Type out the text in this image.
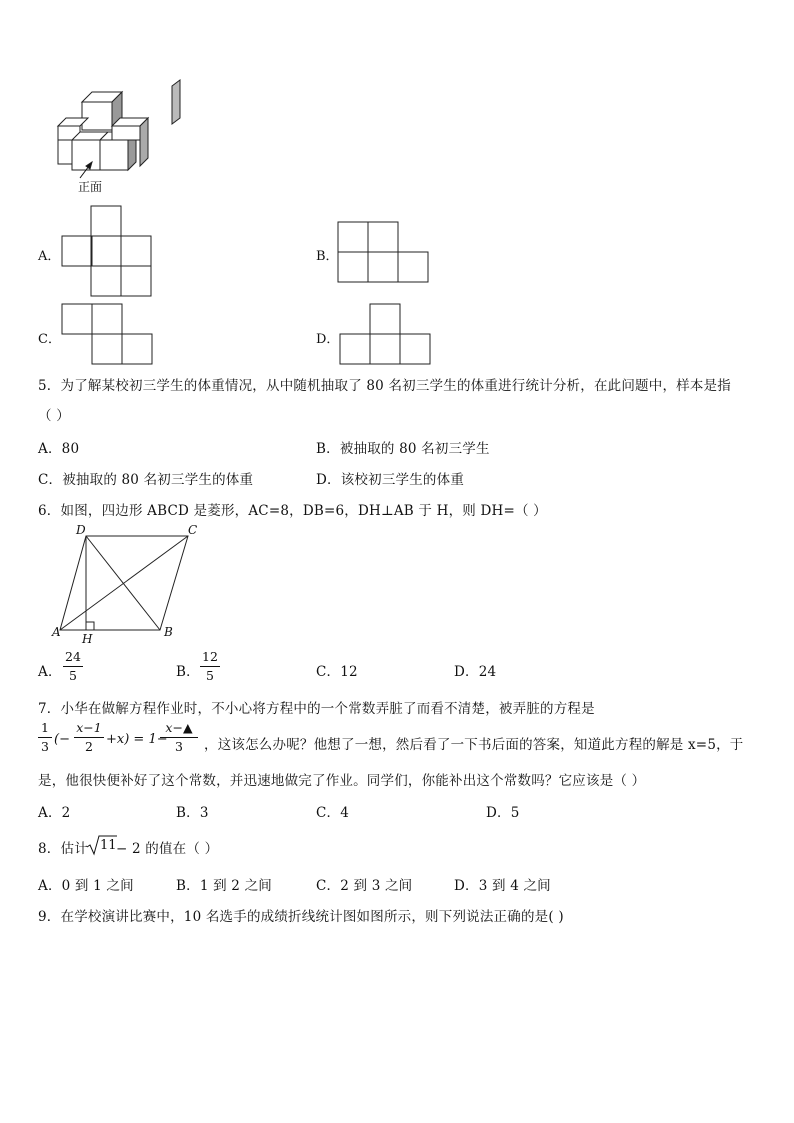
正面
A．	B．
C．	D．
5．为了解某校初三学生的体重情况，从中随机抽取了 80 名初三学生的体重进行统计分析，在此问题中，样本是指
（ ）
A．80	B．被抽取的 80 名初三学生
C．被抽取的 80 名初三学生的体重	D．该校初三学生的体重
6．如图，四边形 ABCD 是菱形，AC=8，DB=6，DH⊥AB 于 H，则 DH=（ ）
D	C
A	B
H
A．
24
5	B．
12
5	C．12	D．24
7．小华在做解方程作业时，不小心将方程中的一个常数弄脏了而看不清楚，被弄脏的方程是
1
3 (−
x−1
2	+x) = 1−
x−▲
3	，这该怎么办呢？他想了一想，然后看了一下书后面的答案，知道此方程的解是 x=5，于
是，他很快便补好了这个常数，并迅速地做完了作业。同学们，你能补出这个常数吗？它应该是（ ）
A．2	B．3	C．4	D．5
8．估计 11 − 2 的值在（ ）
A．0 到 1 之间	B．1 到 2 之间	C．2 到 3 之间	D．3 到 4 之间
9．在学校演讲比赛中，10 名选手的成绩折线统计图如图所示，则下列说法正确的是( )
